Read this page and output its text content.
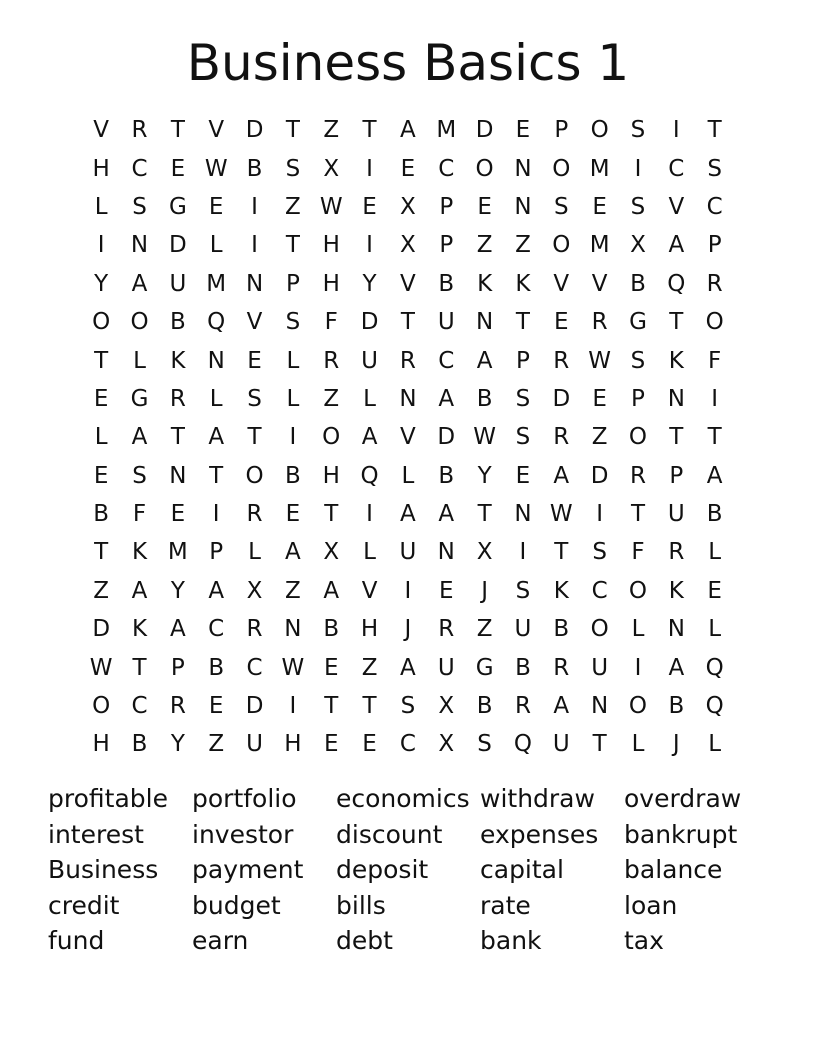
Business Basics 1
V R	T	V D T	Z	T	A M D E	P O S	I	T
H C	E W B	S	X	I	E	C O N O M	I	C	S
L	S G E	I	Z W E	X	P	E N S	E	S	V C
I	N D	L	I	T H	I	X	P	Z Z O M X A	P
Y	A U M N P H Y	V B K	K V V B Q R
O O B Q V	S	F D T U N T	E	R G T O
T	L	K N E	L	R U R C A	P	R W S	K	F
E G R	L	S	L	Z	L	N A B	S D E	P N	I
L	A	T	A	T	I	O A V D W S	R Z O T	T
E	S N T O B H Q L	B	Y	E	A D R	P	A
B	F	E	I	R	E	T	I	A A	T N W	I	T U B
T	K M P	L	A X	L	U N X	I	T	S	F	R	L
Z A	Y	A X Z A V	I	E	J	S	K C O K	E
D K A C R N B H	J	R Z U B O L	N	L
W T	P	B C W E	Z A U G B R U	I	A Q
O C R	E D	I	T	T	S	X B R A N O B Q
H B	Y	Z U H E	E	C X	S Q U T	L	J	L
profitable
interest
Business
credit
fund
portfolio
investor
payment
budget
earn
economics
discount
deposit
bills
debt
withdraw
expenses
capital
rate
bank
overdraw
bankrupt
balance
loan
tax
